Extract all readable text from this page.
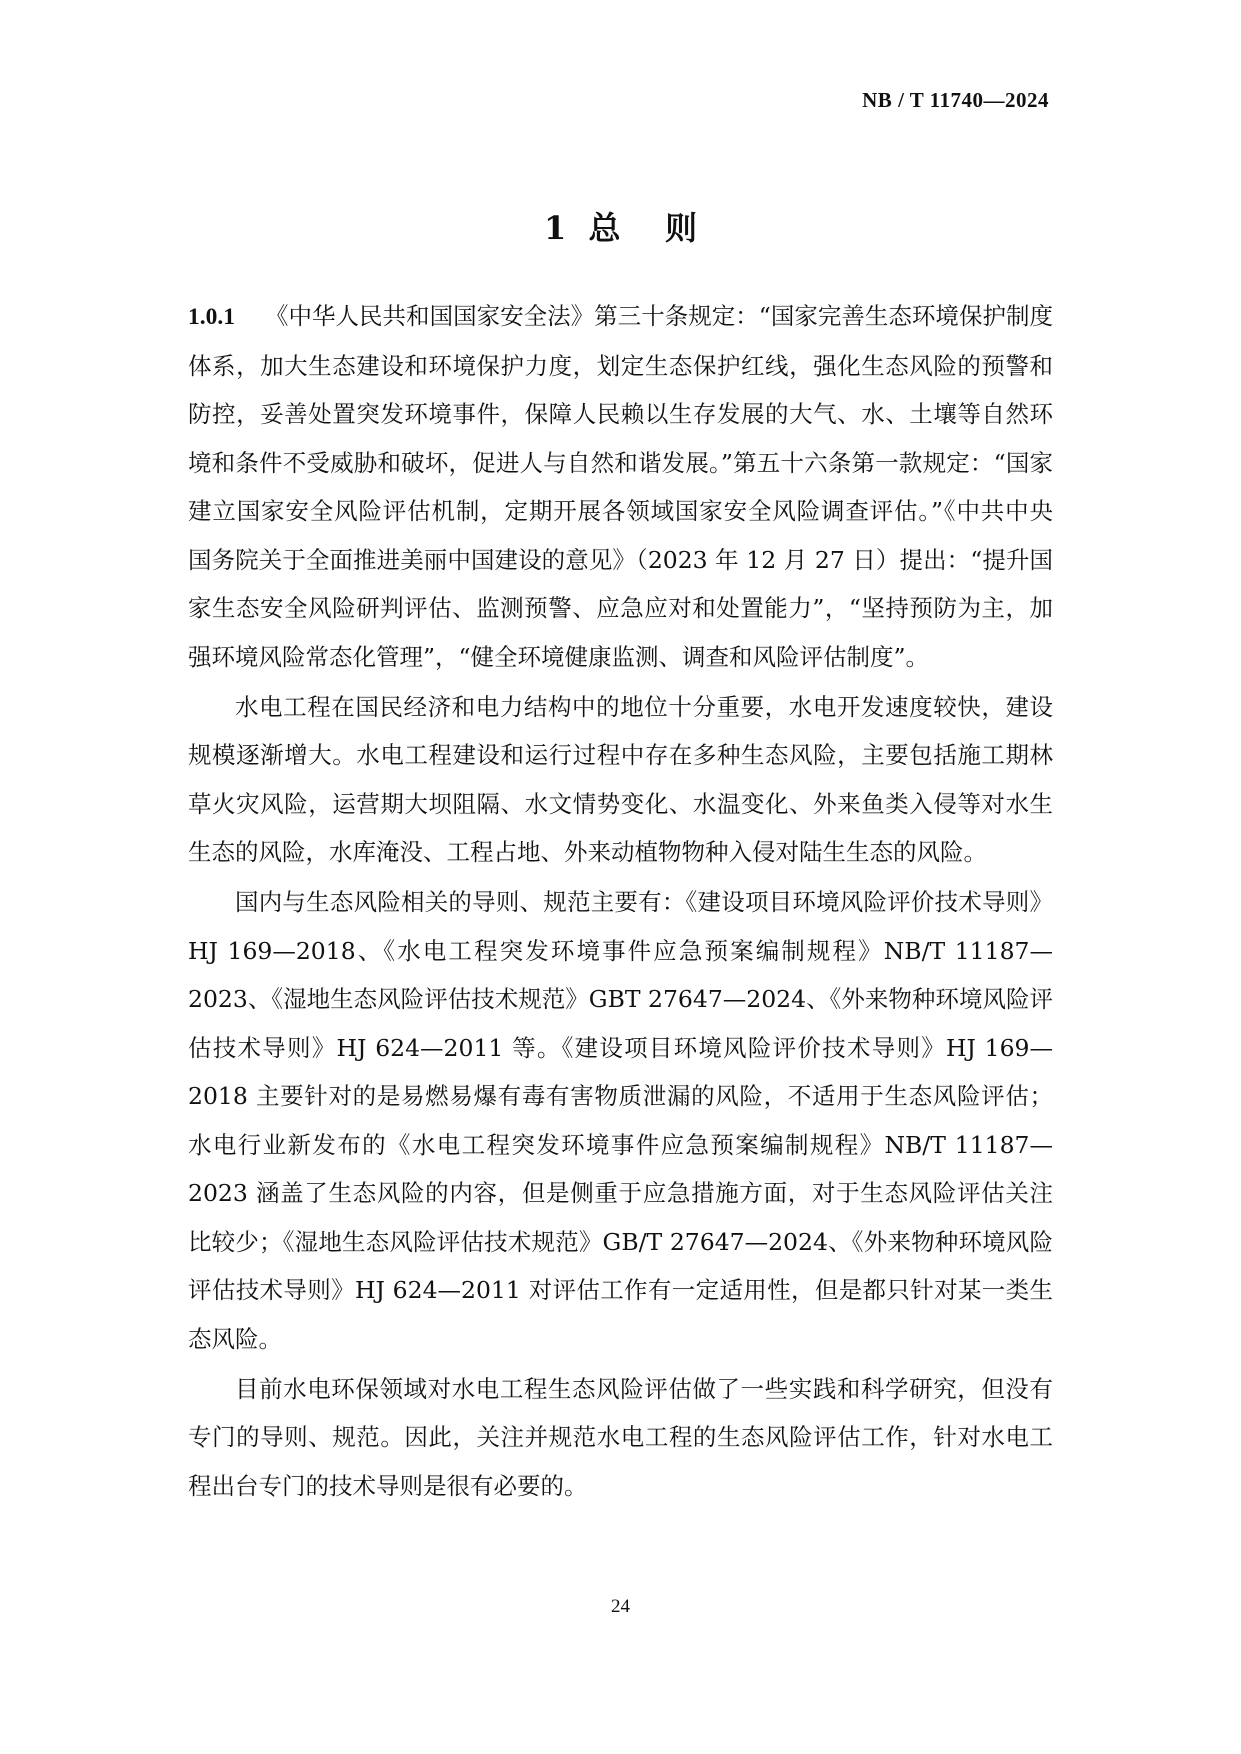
NB / T 11740—2024
1  总    则

1.0.1 《中华人民共和国国家安全法》第三十条规定：“国家完善生态环境保护制度体系，加大生态建设和环境保护力度，划定生态保护红线，强化生态风险的预警和防控，妥善处置突发环境事件，保障人民赖以生存发展的大气、水、土壤等自然环境和条件不受威胁和破坏，促进人与自然和谐发展。”第五十六条第一款规定：“国家建立国家安全风险评估机制，定期开展各领域国家安全风险调查评估。”《中共中央 国务院关于全面推进美丽中国建设的意见》（2023 年 12 月 27 日）提出：“提升国家生态安全风险研判评估、监测预警、应急应对和处置能力”，“坚持预防为主，加强环境风险常态化管理”，“健全环境健康监测、调查和风险评估制度”。

水电工程在国民经济和电力结构中的地位十分重要，水电开发速度较快，建设规模逐渐增大。水电工程建设和运行过程中存在多种生态风险，主要包括施工期林草火灾风险，运营期大坝阻隔、水文情势变化、水温变化、外来鱼类入侵等对水生生态的风险，水库淹没、工程占地、外来动植物物种入侵对陆生生态的风险。

国内与生态风险相关的导则、规范主要有：《建设项目环境风险评价技术导则》HJ 169—2018、《水电工程突发环境事件应急预案编制规程》NB/T 11187—2023、《湿地生态风险评估技术规范》GBT 27647—2024、《外来物种环境风险评估技术导则》HJ 624—2011 等。《建设项目环境风险评价技术导则》HJ 169—2018 主要针对的是易燃易爆有毒有害物质泄漏的风险，不适用于生态风险评估；水电行业新发布的《水电工程突发环境事件应急预案编制规程》NB/T 11187—2023 涵盖了生态风险的内容，但是侧重于应急措施方面，对于生态风险评估关注比较少；《湿地生态风险评估技术规范》GB/T 27647—2024、《外来物种环境风险评估技术导则》HJ 624—2011 对评估工作有一定适用性，但是都只针对某一类生态风险。

目前水电环保领域对水电工程生态风险评估做了一些实践和科学研究，但没有专门的导则、规范。因此，关注并规范水电工程的生态风险评估工作，针对水电工程出台专门的技术导则是很有必要的。

24
